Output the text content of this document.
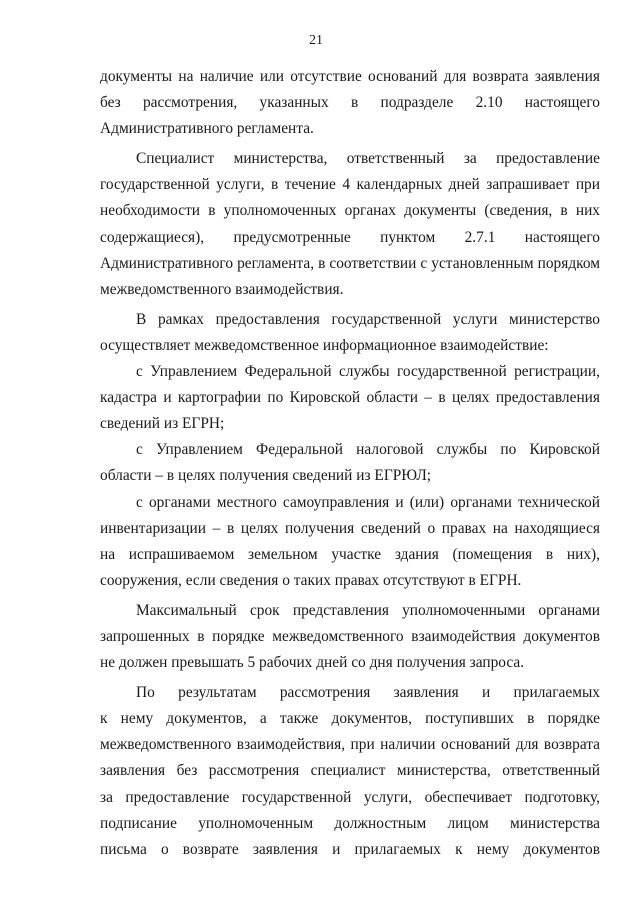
21
документы на наличие или отсутствие оснований для возврата заявления
без рассмотрения, указанных в подразделе 2.10 настоящего
Административного регламента.
Специалист министерства, ответственный за предоставление
государственной услуги, в течение 4 календарных дней запрашивает при
необходимости в уполномоченных органах документы (сведения, в них
содержащиеся), предусмотренные пунктом 2.7.1 настоящего
Административного регламента, в соответствии с установленным порядком
межведомственного взаимодействия.
В рамках предоставления государственной услуги министерство
осуществляет межведомственное информационное взаимодействие:
с Управлением Федеральной службы государственной регистрации,
кадастра и картографии по Кировской области – в целях предоставления
сведений из ЕГРН;
с Управлением Федеральной налоговой службы по Кировской
области – в целях получения сведений из ЕГРЮЛ;
с органами местного самоуправления и (или) органами технической
инвентаризации – в целях получения сведений о правах на находящиеся
на испрашиваемом земельном участке здания (помещения в них),
сооружения, если сведения о таких правах отсутствуют в ЕГРН.
Максимальный срок представления уполномоченными органами
запрошенных в порядке межведомственного взаимодействия документов
не должен превышать 5 рабочих дней со дня получения запроса.
По результатам рассмотрения заявления и прилагаемых
к нему документов, а также документов, поступивших в порядке
межведомственного взаимодействия, при наличии оснований для возврата
заявления без рассмотрения специалист министерства, ответственный
за предоставление государственной услуги, обеспечивает подготовку,
подписание уполномоченным должностным лицом министерства
письма о возврате заявления и прилагаемых к нему документов
